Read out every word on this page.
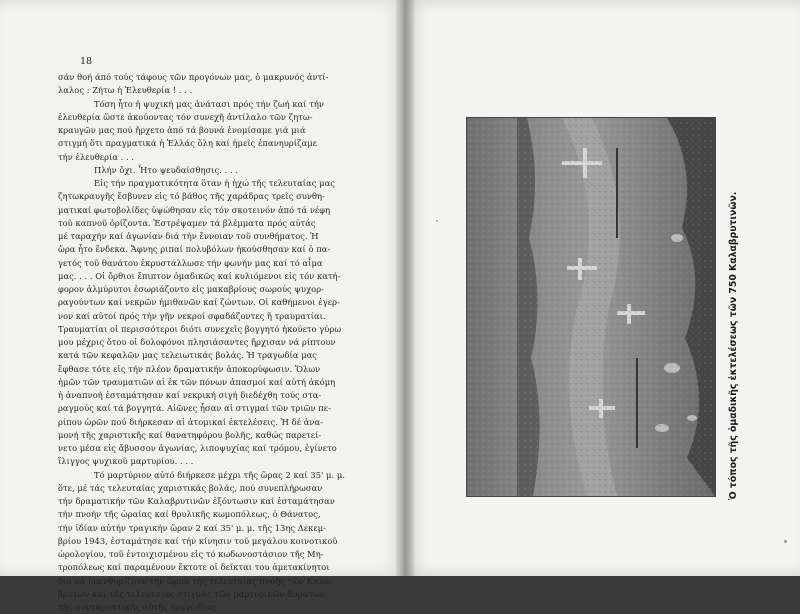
18
σάν θοή άπό τούς τάφους τῶν προγόνων μας, ὁ μακρυνός ἀντί-
λαλος : Ζήτω ἡ Ἐλευθερία ! . . .
Τόση ἦτο ἡ ψυχική μας ἀνάτασι πρός τήν ζωή καί τήν
ἐλευθερία ὥστε ἀκούοντας τόν συνεχῆ ἀντίλαλο τῶν ζητω-
κραυγῶν μας πού ἤρχετο ἀπό τά βουνά ἐνομίσαμε γιά μιά
στιγμή ὅτι πραγματικά ἡ Ἑλλάς ὅλη καί ἡμεῖς ἐπανηυρίζαμε
τήν ἐλευθερία . . .
Πλήν ὄχι. Ἦτο ψευδαίσθησις. . . .
Εἰς τήν πραγματικότητα ὅταν ἡ ἠχώ τῆς τελευταίας μας
ζητωκραυγῆς ἔσβυνεν εἰς τό βάθος τῆς χαράδρας τρεῖς συνθη-
ματικαί φωτοβολίδες ὑψώθησαν εἰς τόν σκοτεινόν ἀπό τά νέφη
τοῦ καπνοῦ ὁρίζοντα. Ἐστρέψαμεν τά βλέμματα πρός αὐτάς
μέ ταραχήν καί ἀγωνίαν διά τήν ἔννοιαν τοῦ συνθήματος. Ἡ
ὥρα ἦτο ἕνδεκα. Ἄφνης ριπαί πολυβόλων ἠκούσθησαν καί ὁ πα-
γετός τοῦ θανάτου ἐκρυστάλλωσε τήν φωνήν μας καί τό αἷμα
μας. . . . Οἱ ὄρθιοι ἔπιπτον ὁμαδικῶς καί κυλιόμενοι εἰς τόν κατή-
φορον ἀλμύρυτοι ἐσωριάζοντο εἰς μακαβρίους σωρούς ψυχορ-
ραγούντων καί νεκρῶν ἡμιθανῶν καί ζώντων. Οἱ καθήμενοι ἐγερ-
νον καί αὐτοί πρός τήν γῆν νεκροί σφαδάζοντες ἤ τραυματίαι.
Τραυματίαι οἱ περισσότεροι διότι συνεχεῖς βογγητό ἠκούετο γύρω
μου μέχρις ὅτου οἱ δολοφόνοι πλησιάσαντες ἤρχισαν νά ρίπτουν
κατά τῶν κεφαλῶν μας τελειωτικάς βολάς. Ἡ τραγωδία μας
ἔφθασε τότε εἰς τήν πλέον δραματικήν ἀποκορύφωσιν. Ὅλων
ἡμῶν τῶν τραυματιῶν αἱ ἐκ τῶν πόνων ἀπασμοί καί αὐτή ἀκόμη
ἡ ἀναπνοή ἐσταμάτησαν καί νεκρική σιγή διεδέχθη τούς στα-
ραγμούς καί τά βογγητά. Αἰῶνες ἦσαν αἱ στιγμαί τῶν τριῶν πε-
ρίπου ὡρῶν πού διήρκεσαν αἱ ἀτομικαί ἐκτελέσεις. Ἡ δέ ἀνα-
μονή τῆς χαριστικῆς καί θανατηφόρου βολῆς, καθώς παρετεί-
νετο μέσα εἰς ἄβυσσον ἀγωνίας, λιποψυχίας καί τρόμου, ἐγίνετο
ἴλιγγος ψυχικοῦ μαρτυρίου. . . .
Τό μαρτύριον αὐτό διήρκεσε μέχρι τῆς ὥρας 2 καί 35' μ. μ.
ὅτε, μέ τάς τελευταίας χαριστικάς βολάς, πού συνεπλήρωσαν
τήν δραματικήν τῶν Καλαβρυτινῶν ἐξόντωσιν καί ἐσταμάτησαν
τήν πνοήν τῆς ὡραίας καί θρυλικῆς κωμοπόλεως, ὁ Θάνατος,
τήν ἰδίαν αὐτήν τραγικήν ὥραν 2 καί 35' μ. μ. τῆς 13ης Δεκεμ-
βρίου 1943, ἐσταμάτησε καί τήν κίνησιν τοῦ μεγάλου κοινοτικοῦ
ὡρολογίου, τοῦ ἐντοιχισμένου εἰς τό κωδωνοστάσιον τῆς Μη-
τροπόλεως καί παραμένουν ἔκτοτε οἱ δεῖκται του ἀμετακίνητοι
διά νά ὑπενθυμίζουν τήν ὥραν τῆς τελευταίας πνοῆς τῶν Καλα-
βρύτων καί τάς τελευταίας στιγμάς τῶν μαρτυρικῶν θυμάτων
τῆς συνταρακτικῆς αὐτῆς τραγωδίας.
Ὁ τόπος τῆς ὁμαδικῆς ἐκτελέσεως τῶν 750 Καλαβρυτινῶν.
